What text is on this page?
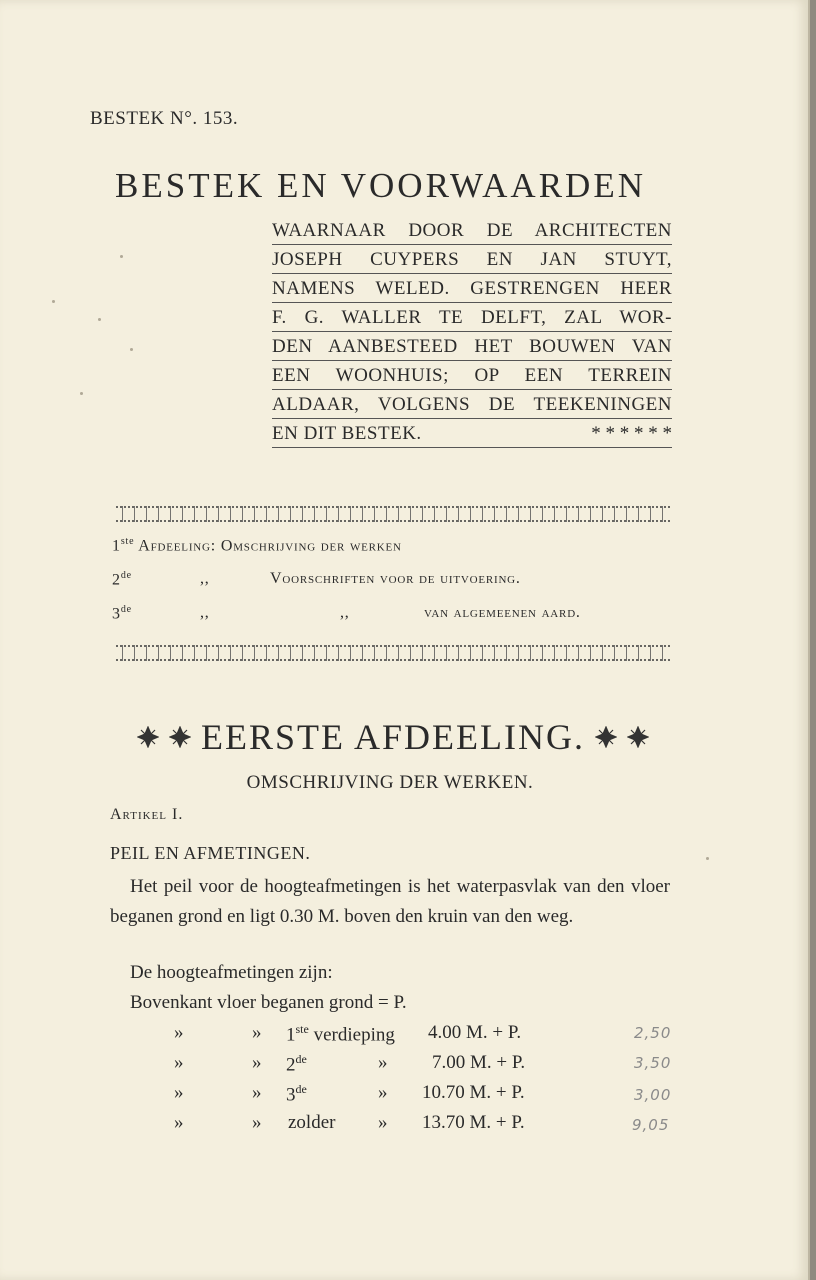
BESTEK N°. 153.
BESTEK EN VOORWAARDEN
WAARNAAR DOOR DE ARCHITECTEN
JOSEPH CUYPERS EN JAN STUYT,
NAMENS WELED. GESTRENGEN HEER
F. G. WALLER TE DELFT, ZAL WOR-
DEN AANBESTEED HET BOUWEN VAN
EEN WOONHUIS; OP EEN TERREIN
ALDAAR, VOLGENS DE TEEKENINGEN
EN DIT BESTEK.	* * * * * *
1ste Afdeeling: Omschrijving der werken
2de	,,	Voorschriften voor de uitvoering.
3de	,,	,,	van algemeenen aard.
EERSTE AFDEELING.
OMSCHRIJVING DER WERKEN.
Artikel I.
PEIL EN AFMETINGEN.
Het peil voor de hoogteafmetingen is het waterpasvlak van den vloer beganen grond en ligt 0.30 M. boven den kruin van den weg.
De hoogteafmetingen zijn:
Bovenkant vloer beganen grond = P.
»	» 1ste verdieping 4.00 M. + P.	2,50
»	» 2de	» 7.00 M. + P.	3,50
»	» 3de	» 10.70 M. + P.	3,00
»	» zolder » 13.70 M. + P.	9,05
